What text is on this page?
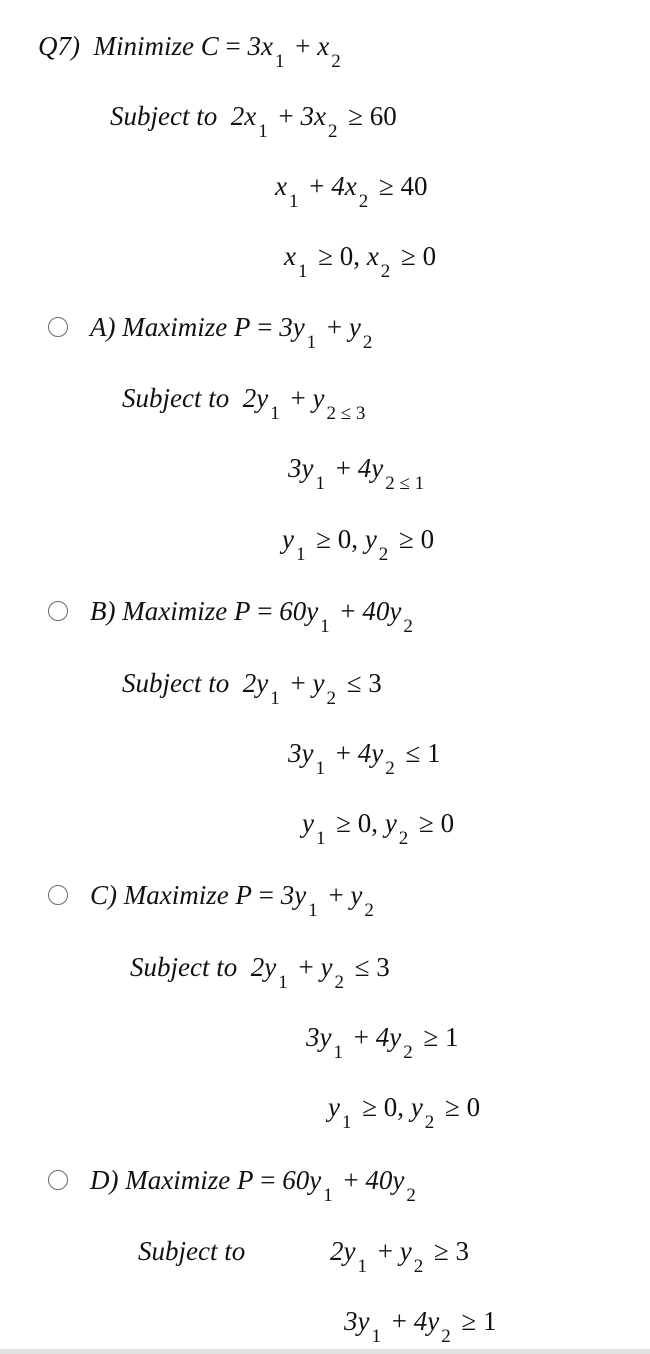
Q7) Minimize $C = 3x_1 + x_2$
Subject to $2x_1 + 3x_2 \ge 60$
$x_1 + 4x_2 \ge 40$
$x_1 \ge 0$, $x_2 \ge 0$
A) Maximize $P = 3y_1 + y_2$
Subject to $2y_1 + y_{2 \le 3}$
$3y_1 + 4y_{2 \le 1}$
$y_1 \ge 0$, $y_2 \ge 0$
B) Maximize $P = 60y_1 + 40y_2$
Subject to $2y_1 + y_2 \le 3$
$3y_1 + 4y_2 \le 1$
$y_1 \ge 0$, $y_2 \ge 0$
C) Maximize $P = 3y_1 + y_2$
Subject to $2y_1 + y_2 \le 3$
$3y_1 + 4y_2 \ge 1$
$y_1 \ge 0$, $y_2 \ge 0$
D) Maximize $P = 60y_1 + 40y_2$
Subject to	$2y_1 + y_2 \ge 3$
$3y_1 + 4y_2 \ge 1$
